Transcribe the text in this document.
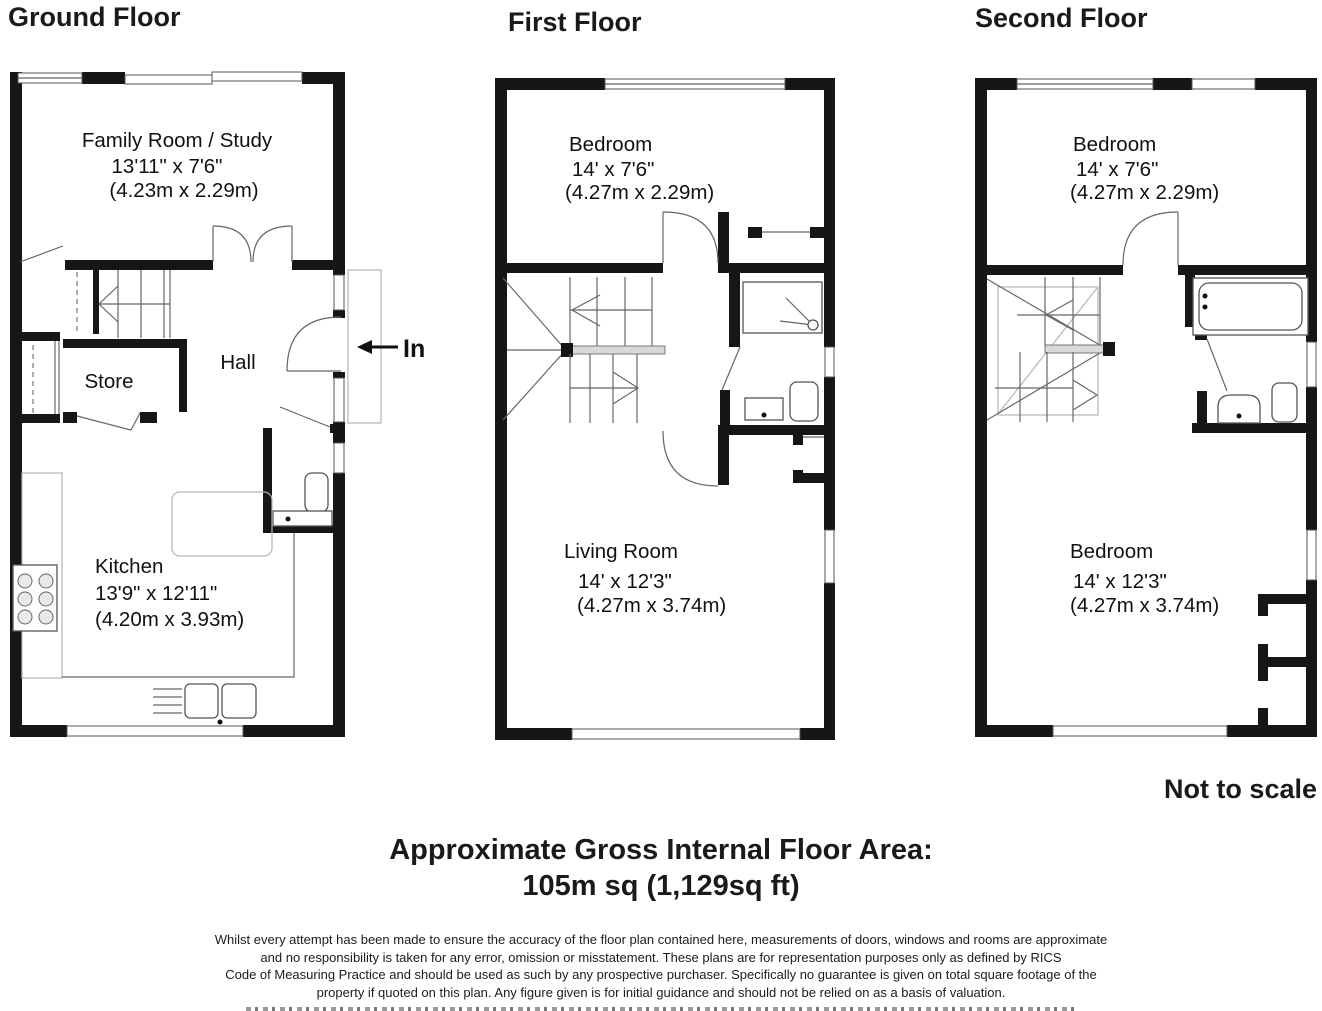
Ground Floor	First Floor	Second Floor
Family Room / Study
13'11" x 7'6"
(4.23m x 2.29m)
Hall
Store
Kitchen
13'9" x 12'11"
(4.20m x 3.93m)
In
Bedroom
14' x 7'6"
(4.27m x 2.29m)
Living Room
14' x 12'3"
(4.27m x 3.74m)
Bedroom
14' x 7'6"
(4.27m x 2.29m)
Bedroom
14' x 12'3"
(4.27m x 3.74m)
Not to scale
Approximate Gross Internal Floor Area:
105m sq (1,129sq ft)
Whilst every attempt has been made to ensure the accuracy of the floor plan contained here, measurements of doors, windows and rooms are approximate
and no responsibility is taken for any error, omission or misstatement. These plans are for representation purposes only as defined by RICS
Code of Measuring Practice and should be used as such by any prospective purchaser. Specifically no guarantee is given on total square footage of the
property if quoted on this plan. Any figure given is for initial guidance and should not be relied on as a basis of valuation.
